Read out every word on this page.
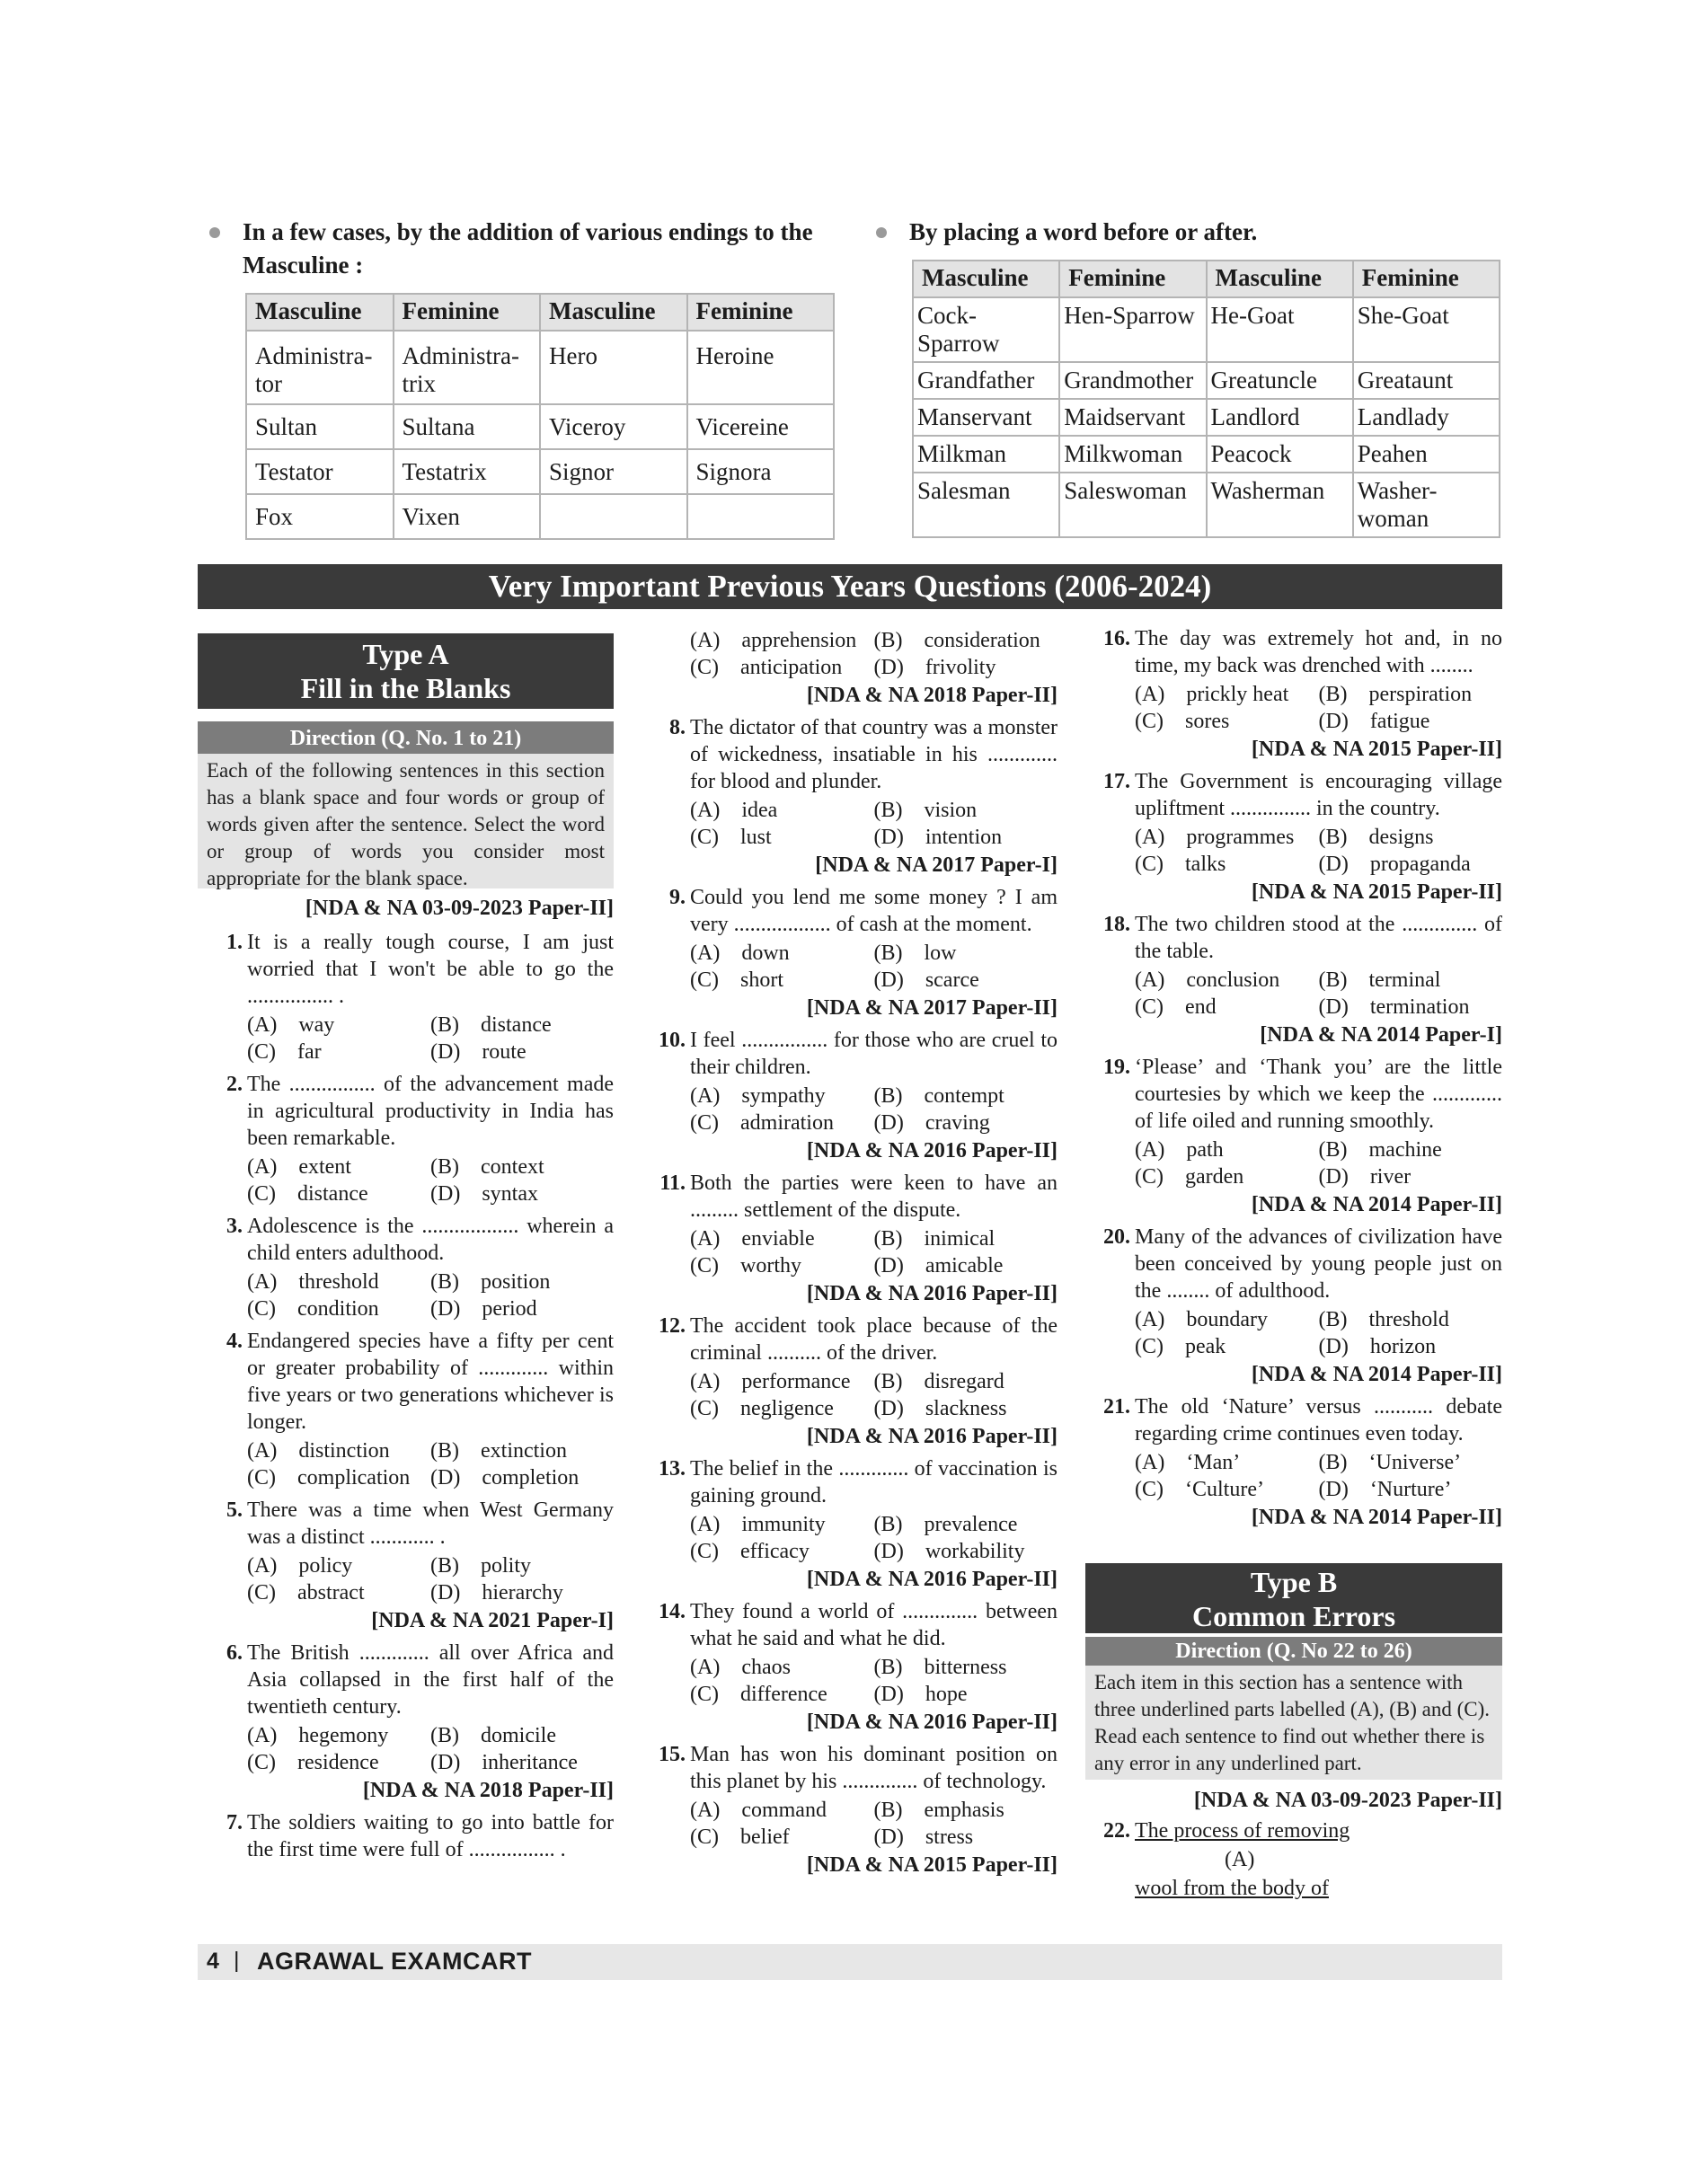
In a few cases, by the addition of various endings to the Masculine :
Masculine	Feminine	Masculine	Feminine
Administra-tor	Administra-trix	Hero	Heroine
Sultan	Sultana	Viceroy	Vicereine
Testator	Testatrix	Signor	Signora
Fox	Vixen		
By placing a word before or after.
Masculine	Feminine	Masculine	Feminine
Cock-Sparrow	Hen-Sparrow	He-Goat	She-Goat
Grandfather	Grandmother	Greatuncle	Greataunt
Manservant	Maidservant	Landlord	Landlady
Milkman	Milkwoman	Peacock	Peahen
Salesman	Saleswoman	Washerman	Washer-woman
Very Important Previous Years Questions (2006-2024)
Type A
Fill in the Blanks
Direction (Q. No. 1 to 21)
Each of the following sentences in this section has a blank space and four words or group of words given after the sentence. Select the word or group of words you consider most appropriate for the blank space.
[NDA & NA 03-09-2023 Paper-II]
1. It is a really tough course, I am just worried that I won't be able to go the ................ .
(A) way	(B) distance
(C) far	(D) route
2. The ................ of the advancement made in agricultural productivity in India has been remarkable.
(A) extent	(B) context
(C) distance	(D) syntax
3. Adolescence is the .................. wherein a child enters adulthood.
(A) threshold	(B) position
(C) condition	(D) period
4. Endangered species have a fifty per cent or greater probability of ............. within five years or two generations whichever is longer.
(A) distinction	(B) extinction
(C) complication (D) completion
5. There was a time when West Germany was a distinct ............ .
(A) policy	(B) polity
(C) abstract	(D) hierarchy
[NDA & NA 2021 Paper-I]
6. The British ............. all over Africa and Asia collapsed in the first half of the twentieth century.
(A) hegemony	(B) domicile
(C) residence	(D) inheritance
[NDA & NA 2018 Paper-II]
7. The soldiers waiting to go into battle for the first time were full of ................ .
(A) apprehension (B) consideration
(C) anticipation	(D) frivolity
[NDA & NA 2018 Paper-II]
8. The dictator of that country was a monster of wickedness, insatiable in his ............. for blood and plunder.
(A) idea	(B) vision
(C) lust	(D) intention
[NDA & NA 2017 Paper-I]
9. Could you lend me some money ? I am very .................. of cash at the moment.
(A) down	(B) low
(C) short	(D) scarce
[NDA & NA 2017 Paper-II]
10. I feel ................ for those who are cruel to their children.
(A) sympathy	(B) contempt
(C) admiration	(D) craving
[NDA & NA 2016 Paper-II]
11. Both the parties were keen to have an ......... settlement of the dispute.
(A) enviable	(B) inimical
(C) worthy	(D) amicable
[NDA & NA 2016 Paper-II]
12. The accident took place because of the criminal .......... of the driver.
(A) performance	(B) disregard
(C) negligence	(D) slackness
[NDA & NA 2016 Paper-II]
13. The belief in the ............. of vaccination is gaining ground.
(A) immunity	(B) prevalence
(C) efficacy	(D) workability
[NDA & NA 2016 Paper-II]
14. They found a world of .............. between what he said and what he did.
(A) chaos	(B) bitterness
(C) difference	(D) hope
[NDA & NA 2016 Paper-II]
15. Man has won his dominant position on this planet by his .............. of technology.
(A) command	(B) emphasis
(C) belief	(D) stress
[NDA & NA 2015 Paper-II]
16. The day was extremely hot and, in no time, my back was drenched with ........
(A) prickly heat	(B) perspiration
(C) sores	(D) fatigue
[NDA & NA 2015 Paper-II]
17. The Government is encouraging village upliftment ............... in the country.
(A) programmes	(B) designs
(C) talks	(D) propaganda
[NDA & NA 2015 Paper-II]
18. The two children stood at the .............. of the table.
(A) conclusion	(B) terminal
(C) end	(D) termination
[NDA & NA 2014 Paper-I]
19. ‘Please’ and ‘Thank you’ are the little courtesies by which we keep the ............. of life oiled and running smoothly.
(A) path	(B) machine
(C) garden	(D) river
[NDA & NA 2014 Paper-II]
20. Many of the advances of civilization have been conceived by young people just on the ........ of adulthood.
(A) boundary	(B) threshold
(C) peak	(D) horizon
[NDA & NA 2014 Paper-II]
21. The old ‘Nature’ versus ........... debate regarding crime continues even today.
(A) ‘Man’	(B) ‘Universe’
(C) ‘Culture’	(D) ‘Nurture’
[NDA & NA 2014 Paper-II]
Type B
Common Errors
Direction (Q. No 22 to 26)
Each item in this section has a sentence with three underlined parts labelled (A), (B) and (C). Read each sentence to find out whether there is any error in any underlined part.
[NDA & NA 03-09-2023 Paper-II]
22. The process of removing
(A)
wool from the body of
4 | AGRAWAL EXAMCART
